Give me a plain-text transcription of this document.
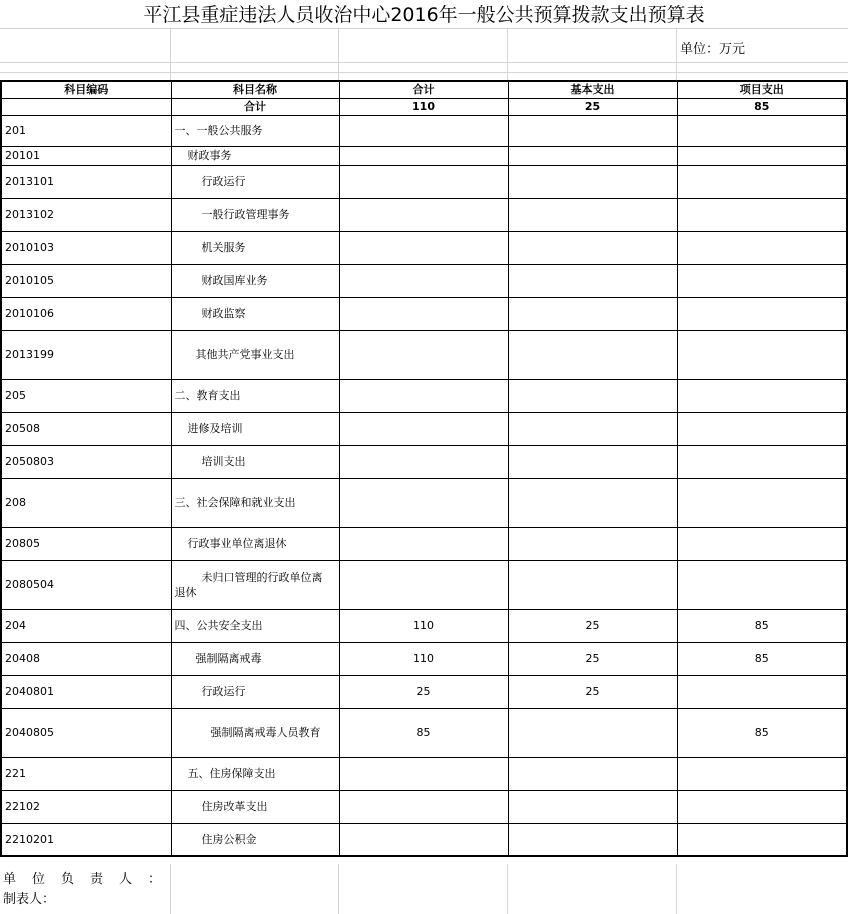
平江县重症违法人员收治中心2016年一般公共预算拨款支出预算表
单位：万元
科目编码	科目名称	合计	基本支出	项目支出
	合计	110	25	85
201	一、一般公共服务			
20101	财政事务			
2013101	行政运行			
2013102	一般行政管理事务			
2010103	机关服务			
2010105	财政国库业务			
2010106	财政监察			
2013199	其他共产党事业支出			
205	二、教育支出			
20508	进修及培训			
2050803	培训支出			
208	三、社会保障和就业支出			
20805	行政事业单位离退休			
2080504	未归口管理的行政单位离退休			
204	四、公共安全支出	110	25	85
20408	强制隔离戒毒	110	25	85
2040801	行政运行	25	25	
2040805	强制隔离戒毒人员教育	85		85
221	五、住房保障支出			
22102	住房改革支出			
2210201	住房公积金			
单位负责人：
制表人：
